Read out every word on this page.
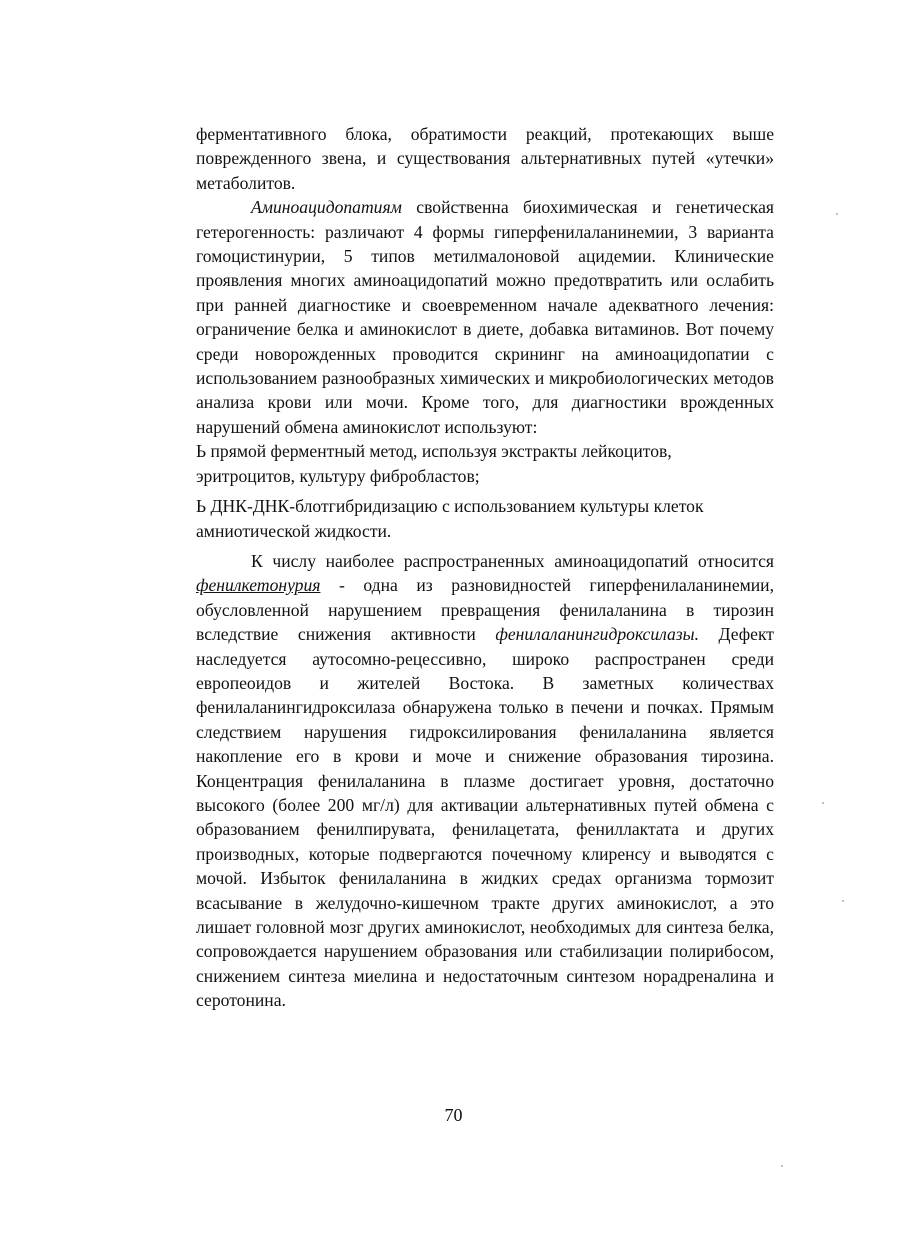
ферментативного блока, обратимости реакций, протекающих выше поврежденного звена, и существования альтернативных путей «утечки» метаболитов.

Аминоацидопатиям свойственна биохимическая и генетическая гетерогенность: различают 4 формы гиперфенилаланинемии, 3 варианта гомоцистинурии, 5 типов метилмалоновой ацидемии. Клинические проявления многих аминоацидопатий можно предотвратить или ослабить при ранней диагностике и своевременном начале адекватного лечения: ограничение белка и аминокислот в диете, добавка витаминов. Вот почему среди новорожденных проводится скрининг на аминоацидопатии с использованием разнообразных химических и микробиологических методов анализа крови или мочи. Кроме того, для диагностики врожденных нарушений обмена аминокислот используют:

Ь прямой ферментный метод, используя экстракты лейкоцитов, эритроцитов, культуру фибробластов;

Ь ДНК-ДНК-блотгибридизацию с использованием культуры клеток амниотической жидкости.

К числу наиболее распространенных аминоацидопатий относится фенилкетонурия - одна из разновидностей гиперфенилаланинемии, обусловленной нарушением превращения фенилаланина в тирозин вследствие снижения активности фенилаланингидроксилазы. Дефект наследуется аутосомно-рецессивно, широко распространен среди европеоидов и жителей Востока. В заметных количествах фенилаланингидроксилаза обнаружена только в печени и почках. Прямым следствием нарушения гидроксилирования фенилаланина является накопление его в крови и моче и снижение образования тирозина. Концентрация фенилаланина в плазме достигает уровня, достаточно высокого (более 200 мг/л) для активации альтернативных путей обмена с образованием фенилпирувата, фенилацетата, фениллактата и других производных, которые подвергаются почечному клиренсу и выводятся с мочой. Избыток фенилаланина в жидких средах организма тормозит всасывание в желудочно-кишечном тракте других аминокислот, а это лишает головной мозг других аминокислот, необходимых для синтеза белка, сопровождается нарушением образования или стабилизации полирибосом, снижением синтеза миелина и недостаточным синтезом норадреналина и серотонина.

70
